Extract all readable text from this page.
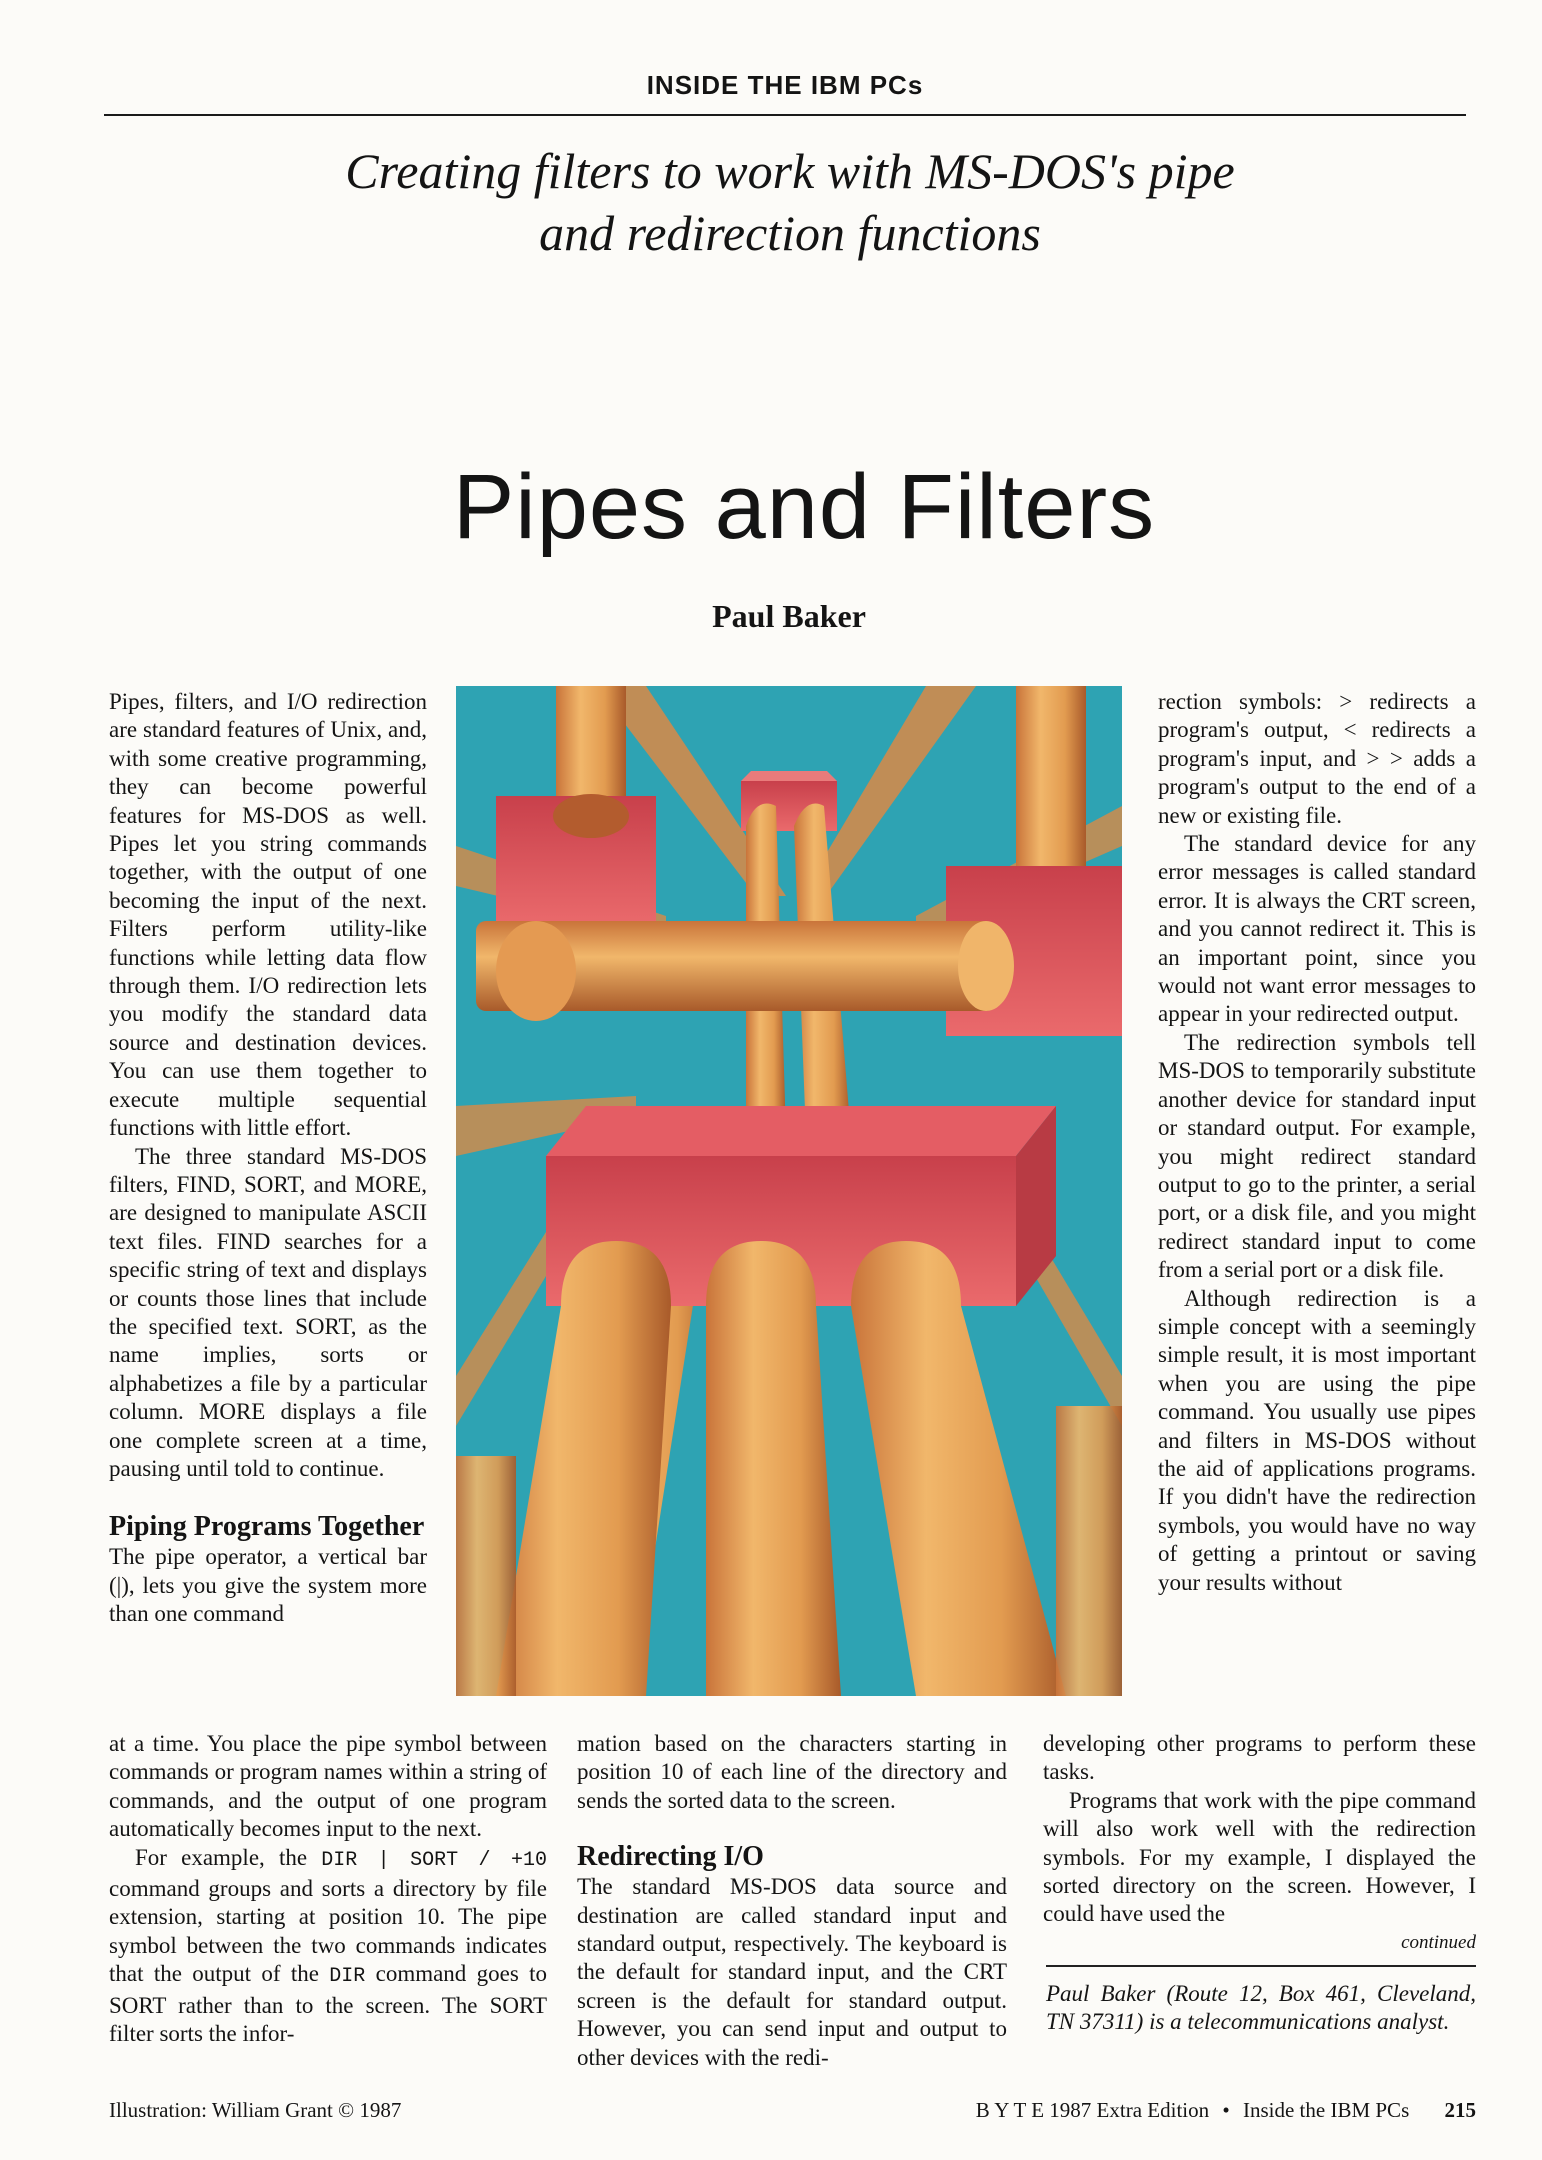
INSIDE THE IBM PCs
Creating filters to work with MS-DOS's pipe
and redirection functions
Pipes and Filters
Paul Baker

Pipes, filters, and I/O redirection are standard features of Unix, and, with some creative programming, they can become powerful features for MS-DOS as well. Pipes let you string commands together, with the output of one becoming the input of the next. Filters perform utility-like functions while letting data flow through them. I/O redirection lets you modify the standard data source and destination devices. You can use them together to execute multiple sequential functions with little effort.

The three standard MS-DOS filters, FIND, SORT, and MORE, are designed to manipulate ASCII text files. FIND searches for a specific string of text and displays or counts those lines that include the specified text. SORT, as the name implies, sorts or alphabetizes a file by a particular column. MORE displays a file one complete screen at a time, pausing until told to continue.

Piping Programs Together

The pipe operator, a vertical bar (|), lets you give the system more than one command

rection symbols: > redirects a program's output, < redirects a program's input, and > > adds a program's output to the end of a new or existing file.

The standard device for any error messages is called standard error. It is always the CRT screen, and you cannot redirect it. This is an important point, since you would not want error messages to appear in your redirected output.

The redirection symbols tell MS-DOS to temporarily substitute another device for standard input or standard output. For example, you might redirect standard output to go to the printer, a serial port, or a disk file, and you might redirect standard input to come from a serial port or a disk file.

Although redirection is a simple concept with a seemingly simple result, it is most important when you are using the pipe command. You usually use pipes and filters in MS-DOS without the aid of applications programs. If you didn't have the redirection symbols, you would have no way of getting a printout or saving your results without

at a time. You place the pipe symbol between commands or program names within a string of commands, and the output of one program automatically becomes input to the next.

For example, the DIR | SORT / +10 command groups and sorts a directory by file extension, starting at position 10. The pipe symbol between the two commands indicates that the output of the DIR command goes to SORT rather than to the screen. The SORT filter sorts the infor-

mation based on the characters starting in position 10 of each line of the directory and sends the sorted data to the screen.

Redirecting I/O

The standard MS-DOS data source and destination are called standard input and standard output, respectively. The keyboard is the default for standard input, and the CRT screen is the default for standard output. However, you can send input and output to other devices with the redi-

developing other programs to perform these tasks.

Programs that work with the pipe command will also work well with the redirection symbols. For my example, I displayed the sorted directory on the screen. However, I could have used the

continued
Paul Baker (Route 12, Box 461, Cleveland, TN 37311) is a telecommunications analyst.
Illustration: William Grant © 1987	B Y T E 1987 Extra Edition • Inside the IBM PCs 215
